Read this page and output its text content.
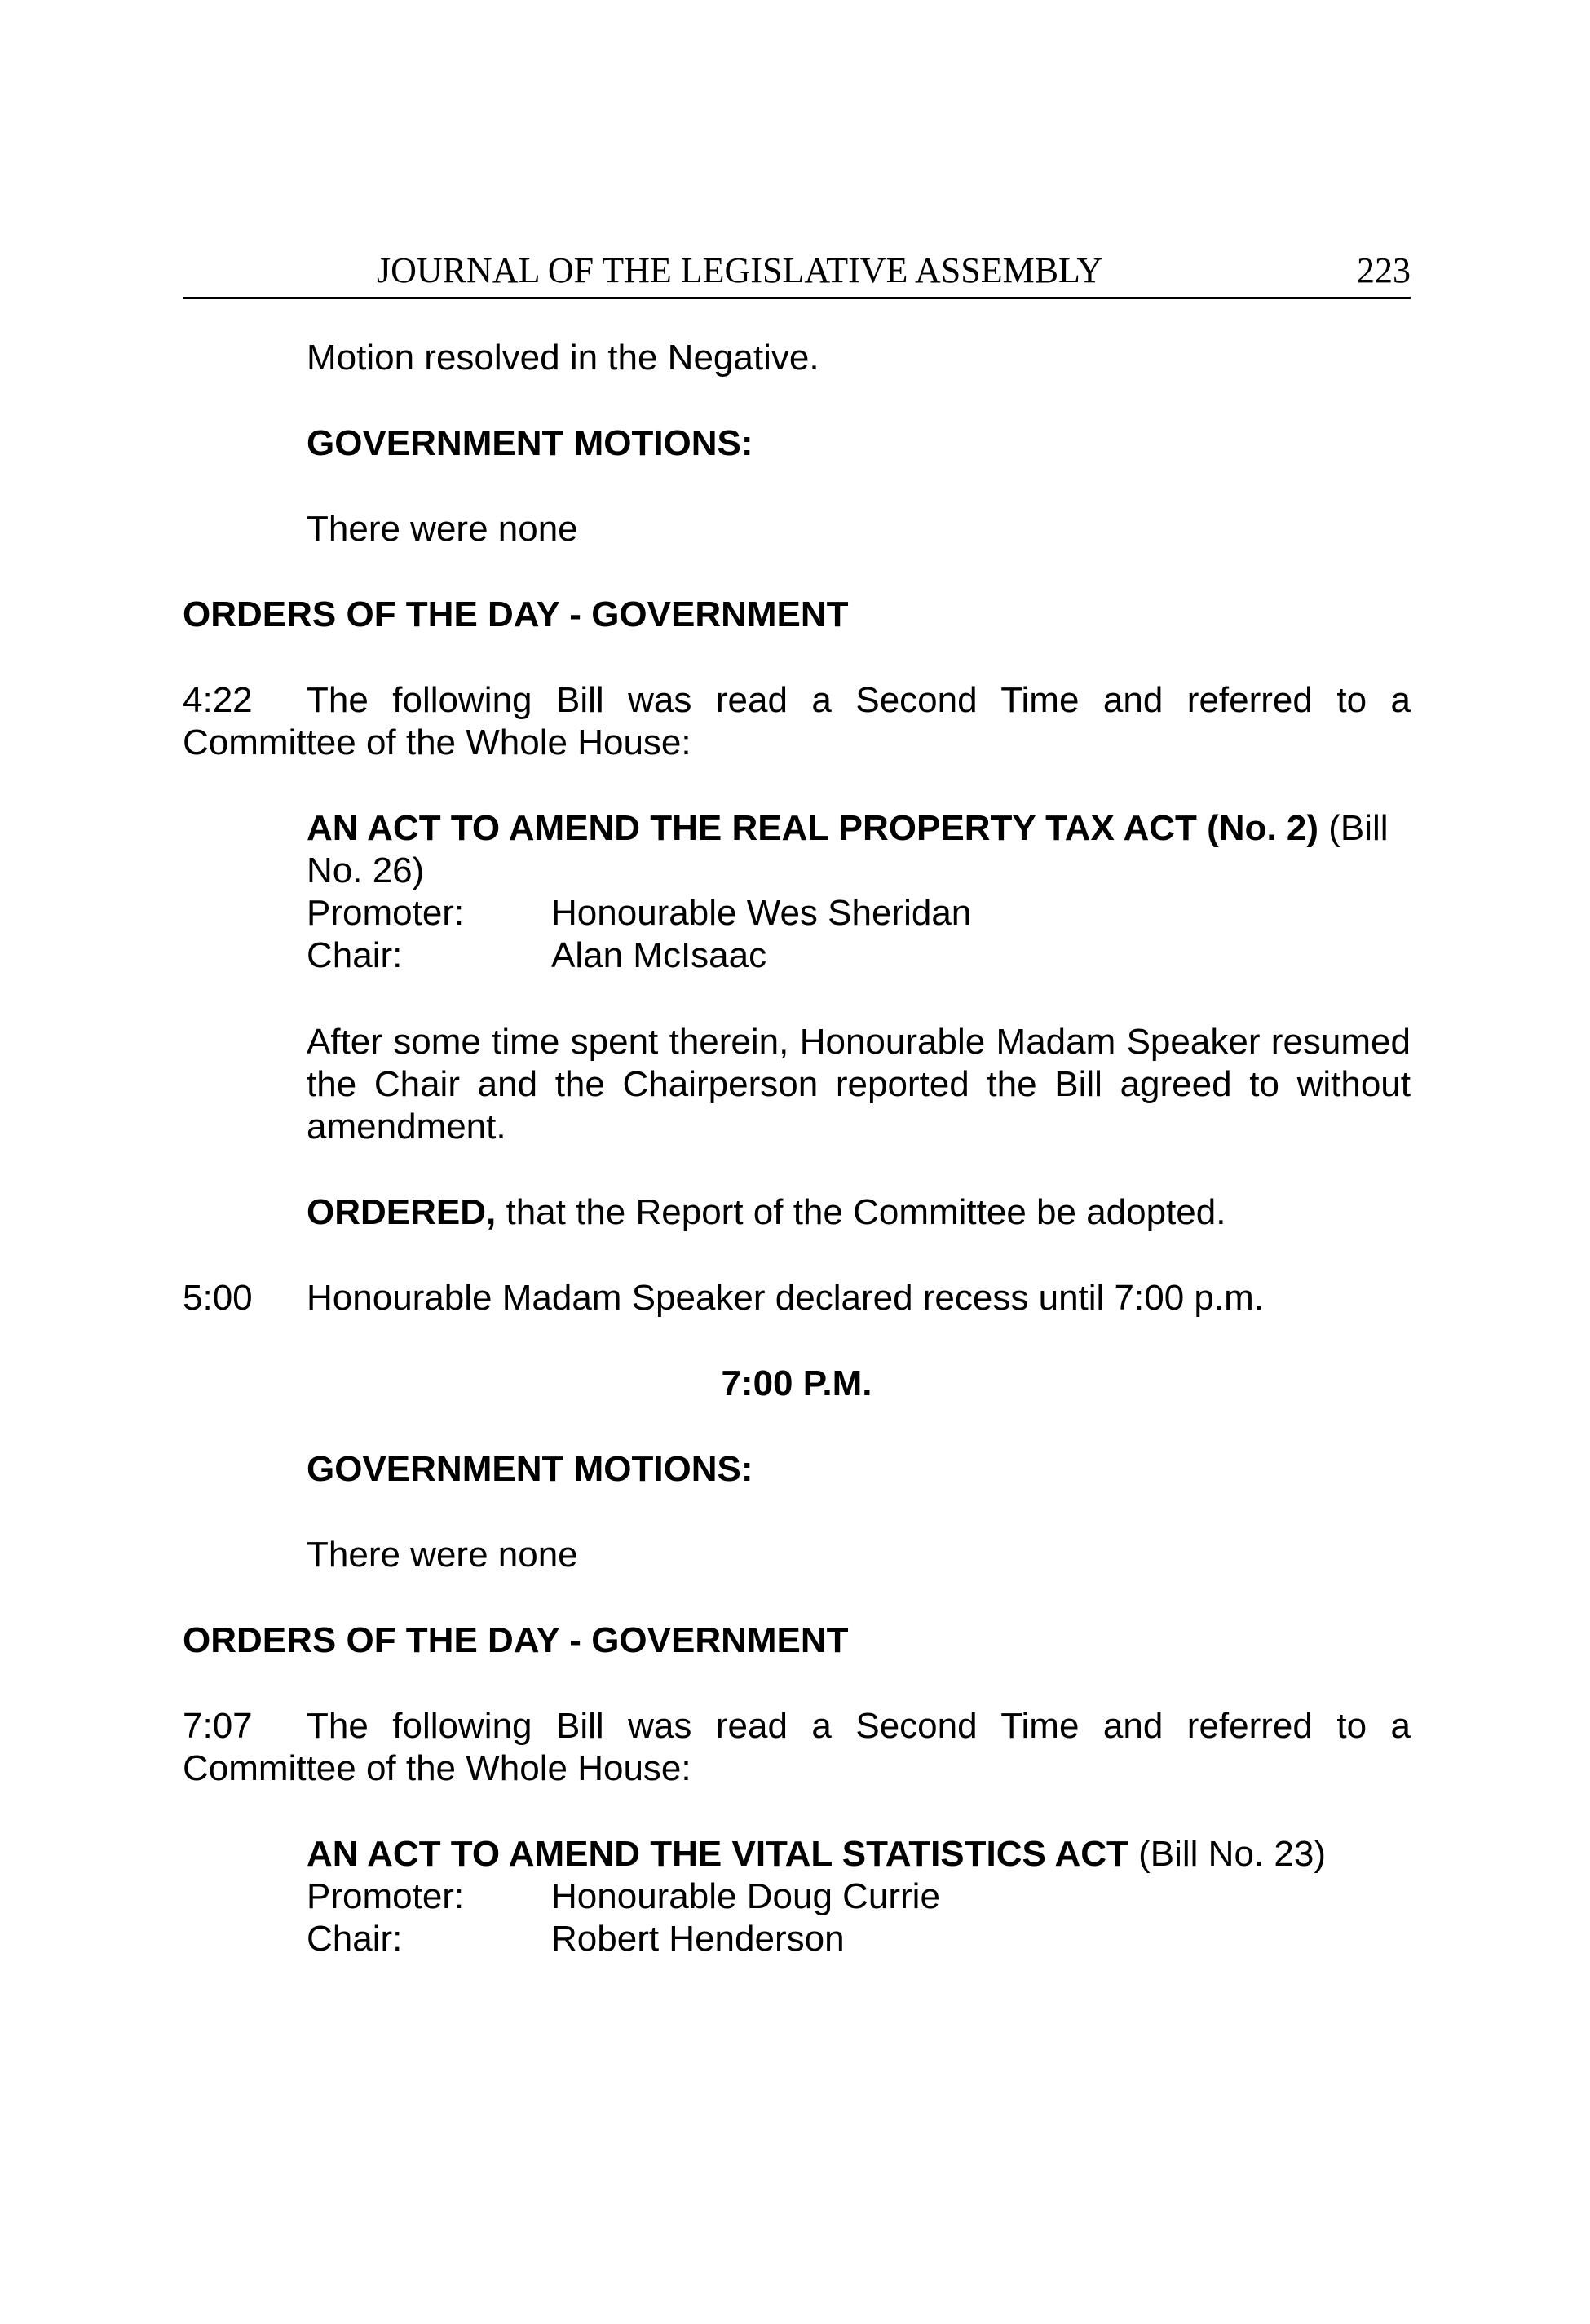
JOURNAL OF THE LEGISLATIVE ASSEMBLY	223
Motion resolved in the Negative.
GOVERNMENT MOTIONS:
There were none
ORDERS OF THE DAY - GOVERNMENT
4:22	The following Bill was read a Second Time and referred to a Committee of the Whole House:
AN ACT TO AMEND THE REAL PROPERTY TAX ACT (No. 2) (Bill No. 26)
Promoter: Honourable Wes Sheridan
Chair:	Alan McIsaac
After some time spent therein, Honourable Madam Speaker resumed the Chair and the Chairperson reported the Bill agreed to without amendment.
ORDERED, that the Report of the Committee be adopted.
5:00 Honourable Madam Speaker declared recess until 7:00 p.m.
7:00 P.M.
GOVERNMENT MOTIONS:
There were none
ORDERS OF THE DAY - GOVERNMENT
7:07	The following Bill was read a Second Time and referred to a Committee of the Whole House:
AN ACT TO AMEND THE VITAL STATISTICS ACT (Bill No. 23)
Promoter: Honourable Doug Currie
Chair:	Robert Henderson
